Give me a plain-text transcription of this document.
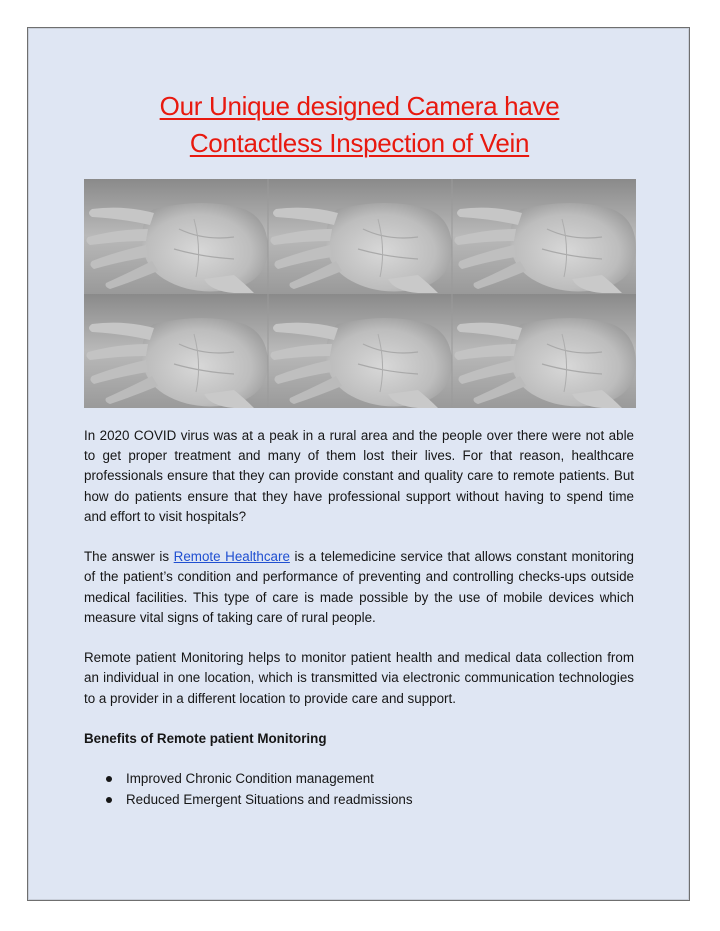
Our Unique designed Camera have
Contactless Inspection of Vein

In 2020 COVID virus was at a peak in a rural area and the people over there were not able to get proper treatment and many of them lost their lives. For that reason, healthcare professionals ensure that they can provide constant and quality care to remote patients. But how do patients ensure that they have professional support without having to spend time and effort to visit hospitals?

The answer is Remote Healthcare is a telemedicine service that allows constant monitoring of the patient’s condition and performance of preventing and controlling checks-ups outside medical facilities. This type of care is made possible by the use of mobile devices which measure vital signs of taking care of rural people.

Remote patient Monitoring helps to monitor patient health and medical data collection from an individual in one location, which is transmitted via electronic communication technologies to a provider in a different location to provide care and support.

Benefits of Remote patient Monitoring

Improved Chronic Condition management
Reduced Emergent Situations and readmissions
